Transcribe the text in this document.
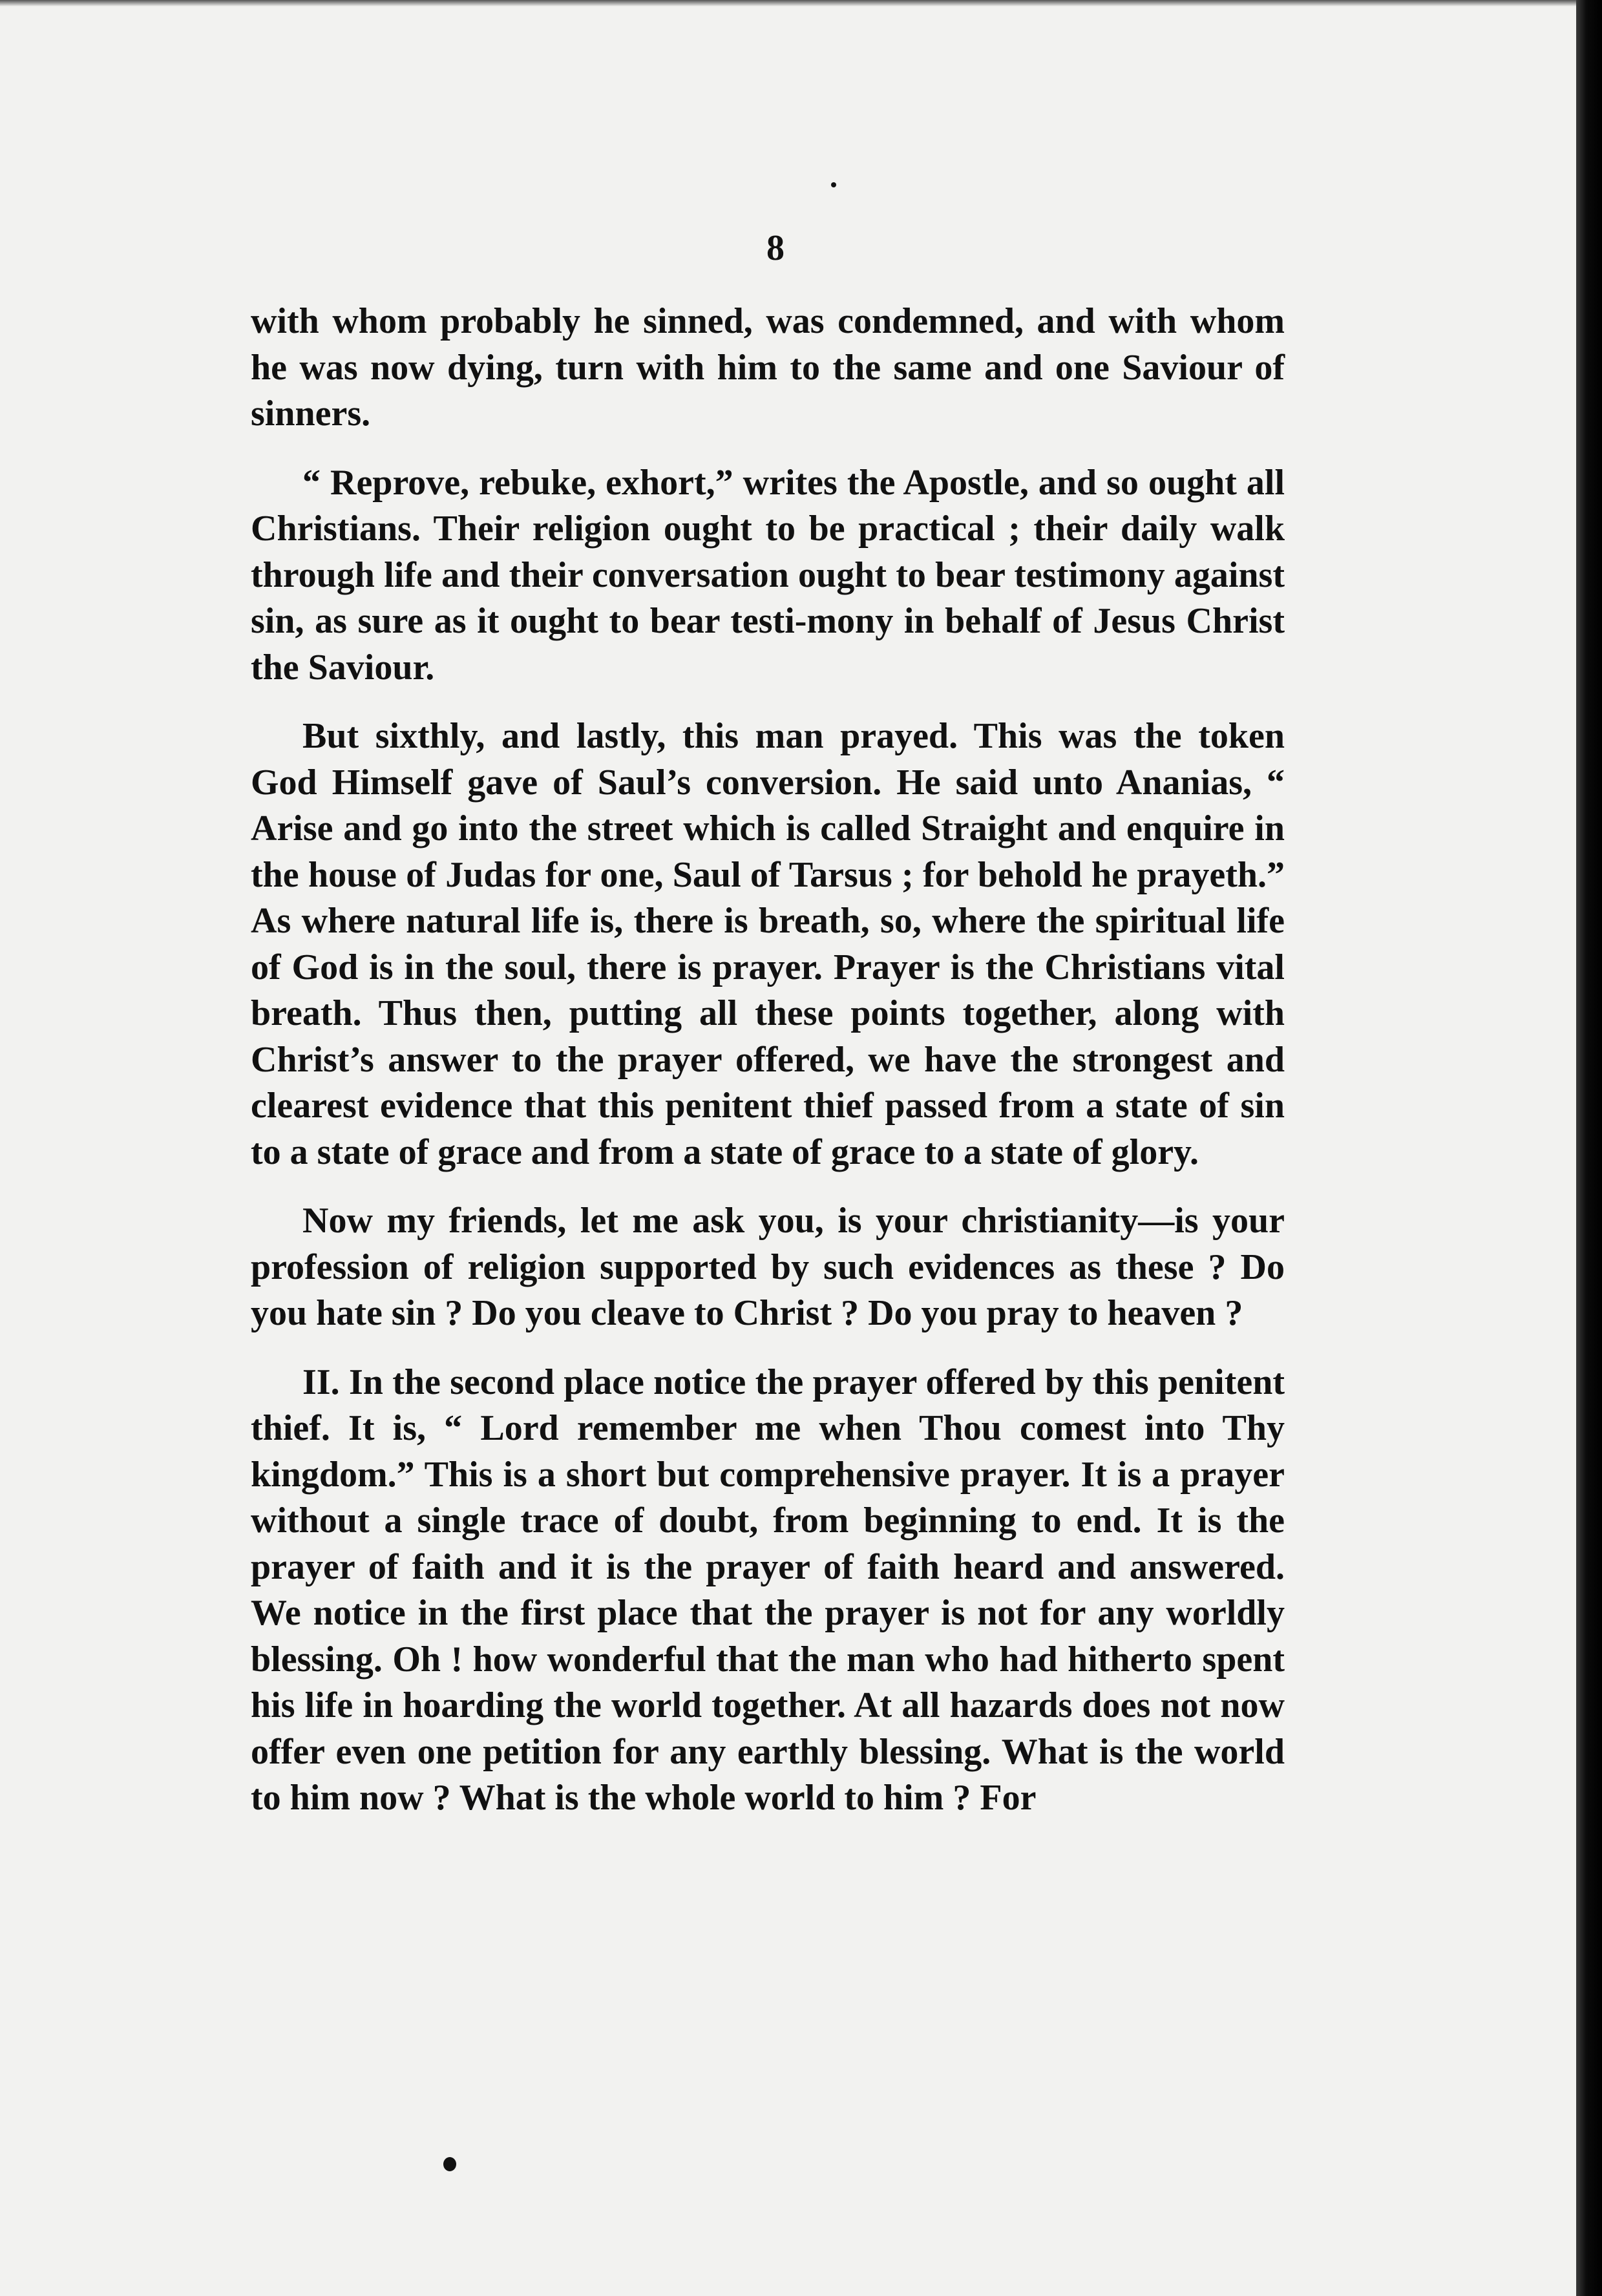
8

with whom probably he sinned, was condemned, and with whom he was now dying, turn with him to the same and one Saviour of sinners.

“ Reprove, rebuke, exhort,” writes the Apostle, and so ought all Christians. Their religion ought to be practical ; their daily walk through life and their conversation ought to bear testimony against sin, as sure as it ought to bear testi-mony in behalf of Jesus Christ the Saviour.

But sixthly, and lastly, this man prayed. This was the token God Himself gave of Saul’s conversion. He said unto Ananias, “ Arise and go into the street which is called Straight and enquire in the house of Judas for one, Saul of Tarsus ; for behold he prayeth.” As where natural life is, there is breath, so, where the spiritual life of God is in the soul, there is prayer. Prayer is the Christians vital breath. Thus then, putting all these points together, along with Christ’s answer to the prayer offered, we have the strongest and clearest evidence that this penitent thief passed from a state of sin to a state of grace and from a state of grace to a state of glory.

Now my friends, let me ask you, is your christianity—is your profession of religion supported by such evidences as these ? Do you hate sin ? Do you cleave to Christ ? Do you pray to heaven ?

II. In the second place notice the prayer offered by this penitent thief. It is, “ Lord remember me when Thou comest into Thy kingdom.” This is a short but comprehensive prayer. It is a prayer without a single trace of doubt, from beginning to end. It is the prayer of faith and it is the prayer of faith heard and answered. We notice in the first place that the prayer is not for any worldly blessing. Oh ! how wonderful that the man who had hitherto spent his life in hoarding the world together. At all hazards does not now offer even one petition for any earthly blessing. What is the world to him now ? What is the whole world to him ? For
